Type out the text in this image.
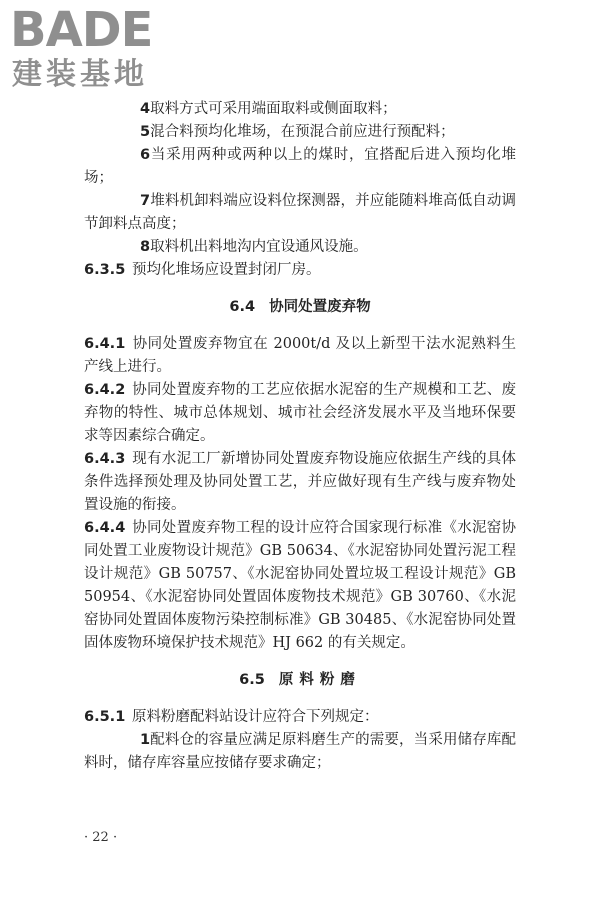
BADE
建装基地

4取料方式可采用端面取料或侧面取料；

5混合料预均化堆场，在预混合前应进行预配料；

6当采用两种或两种以上的煤时，宜搭配后进入预均化堆场；

7堆料机卸料端应设料位探测器，并应能随料堆高低自动调节卸料点高度；

8取料机出料地沟内宜设通风设施。

6.3.5 预均化堆场应设置封闭厂房。

6.4 协同处置废弃物

6.4.1 协同处置废弃物宜在 2000t/d 及以上新型干法水泥熟料生产线上进行。

6.4.2 协同处置废弃物的工艺应依据水泥窑的生产规模和工艺、废弃物的特性、城市总体规划、城市社会经济发展水平及当地环保要求等因素综合确定。

6.4.3 现有水泥工厂新增协同处置废弃物设施应依据生产线的具体条件选择预处理及协同处置工艺，并应做好现有生产线与废弃物处置设施的衔接。

6.4.4 协同处置废弃物工程的设计应符合国家现行标准《水泥窑协同处置工业废物设计规范》GB 50634、《水泥窑协同处置污泥工程设计规范》GB 50757、《水泥窑协同处置垃圾工程设计规范》GB 50954、《水泥窑协同处置固体废物技术规范》GB 30760、《水泥窑协同处置固体废物污染控制标准》GB 30485、《水泥窑协同处置固体废物环境保护技术规范》HJ 662 的有关规定。

6.5 原料粉磨

6.5.1 原料粉磨配料站设计应符合下列规定：

1配料仓的容量应满足原料磨生产的需要，当采用储存库配料时，储存库容量应按储存要求确定；

· 22 ·
